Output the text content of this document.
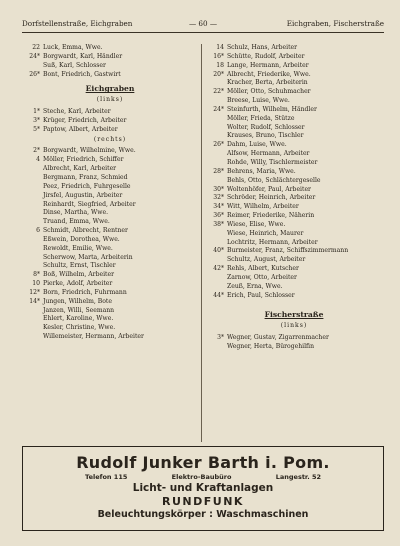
Dorfstellenstraße, Eichgraben	— 60 —	Eichgraben, Fischerstraße
22 Luck, Emma, Wwe.
24* Borgwardt, Karl, Händler
Suß, Karl, Schlosser
26* Bont, Friedrich, Gastwirt
Eichgraben
(links)
1* Steche, Karl, Arbeiter
3* Krüger, Friedrich, Arbeiter
5* Paptow, Albert, Arbeiter
(rechts)
2* Borgwardt, Wilhelmine, Wwe.
4 Möller, Friedrich, Schiffer
Albrecht, Karl, Arbeiter
Bergmann, Franz, Schmied
Peez, Friedrich, Fuhrgeselle
Jirsfel, Augustin, Arbeiter
Reinhardt, Siegfried, Arbeiter
Dinse, Martha, Wwe.
Truand, Emma, Wwe.
6 Schmidt, Albrecht, Rentner
Eßwein, Dorothea, Wwe.
Rewoldt, Emilie, Wwe.
Scherwow, Marta, Arbeiterin
Schultz, Ernst, Tischler
8* Boß, Wilhelm, Arbeiter
10 Pierke, Adolf, Arbeiter
12* Born, Friedrich, Fuhrmann
14* Jungen, Wilhelm, Bote
Janzen, Willi, Seemann
Ehlert, Karoline, Wwe.
Kesler, Christine, Wwe.
Willemeister, Hermann, Arbeiter
14 Schulz, Hans, Arbeiter
16* Schütte, Rudolf, Arbeiter
18 Lange, Hermann, Arbeiter
20* Albrecht, Friederike, Wwe.
Kracher, Berta, Arbeiterin
22* Möller, Otto, Schuhmacher
Breese, Luise, Wwe.
24* Steinfurth, Wilhelm, Händler
Möller, Frieda, Stütze
Wolter, Rudolf, Schlosser
Krauses, Bruno, Tischler
26* Dahm, Luise, Wwe.
Alfsow, Hermann, Arbeiter
Rohde, Willy, Tischlermeister
28* Behrens, Maria, Wwe.
Behls, Otto, Schlächtergeselle
30* Woltenhöfer, Paul, Arbeiter
32* Schröder, Heinrich, Arbeiter
34* Witt, Wilhelm, Arbeiter
36* Reimer, Friederike, Näherin
38* Wiese, Elise, Wwe.
Wiese, Heinrich, Maurer
Lochtritz, Hermann, Arbeiter
40* Burmeister, Franz, Schiffszimmermann
Schultz, August, Arbeiter
42* Rehls, Albert, Kutscher
Zarnow, Otto, Arbeiter
Zeuß, Erna, Wwe.
44* Erich, Paul, Schlosser
Fischerstraße
(links)
3* Wegner, Gustav, Zigarrenmacher
Wegner, Herta, Bürogehilfin
Rudolf Junker Barth i. Pom.
Telefon 115	Elektro-Baubüro	Langestr. 52
Licht- und Kraftanlagen
RUNDFUNK
Beleuchtungskörper : Waschmaschinen
